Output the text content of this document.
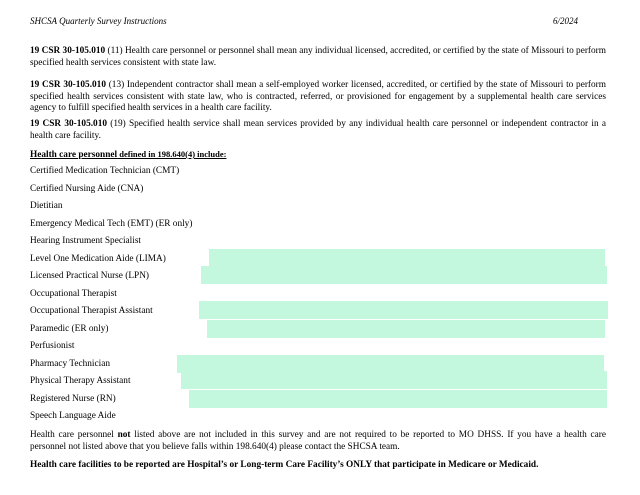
SHCSA Quarterly Survey Instructions	6/2024
19 CSR 30-105.010 (11) Health care personnel or personnel shall mean any individual licensed, accredited, or certified by the state of Missouri to perform specified health services consistent with state law.
19 CSR 30-105.010 (13) Independent contractor shall mean a self-employed worker licensed, accredited, or certified by the state of Missouri to perform specified health services consistent with state law, who is contracted, referred, or provisioned for engagement by a supplemental health care services agency to fulfill specified health services in a health care facility.
19 CSR 30-105.010 (19) Specified health service shall mean services provided by any individual health care personnel or independent contractor in a health care facility.
Health care personnel defined in 198.640(4) include:
Certified Medication Technician (CMT)
Certified Nursing Aide (CNA)
Dietitian
Emergency Medical Tech (EMT) (ER only)
Hearing Instrument Specialist
Level One Medication Aide (LIMA)
Licensed Practical Nurse (LPN)
Occupational Therapist
Occupational Therapist Assistant
Paramedic (ER only)
Perfusionist
Pharmacy Technician
Physical Therapy Assistant
Registered Nurse (RN)
Speech Language Aide
Health care personnel not listed above are not included in this survey and are not required to be reported to MO DHSS. If you have a health care personnel not listed above that you believe falls within 198.640(4) please contact the SHCSA team.
Health care facilities to be reported are Hospital’s or Long-term Care Facility’s ONLY that participate in Medicare or Medicaid.
